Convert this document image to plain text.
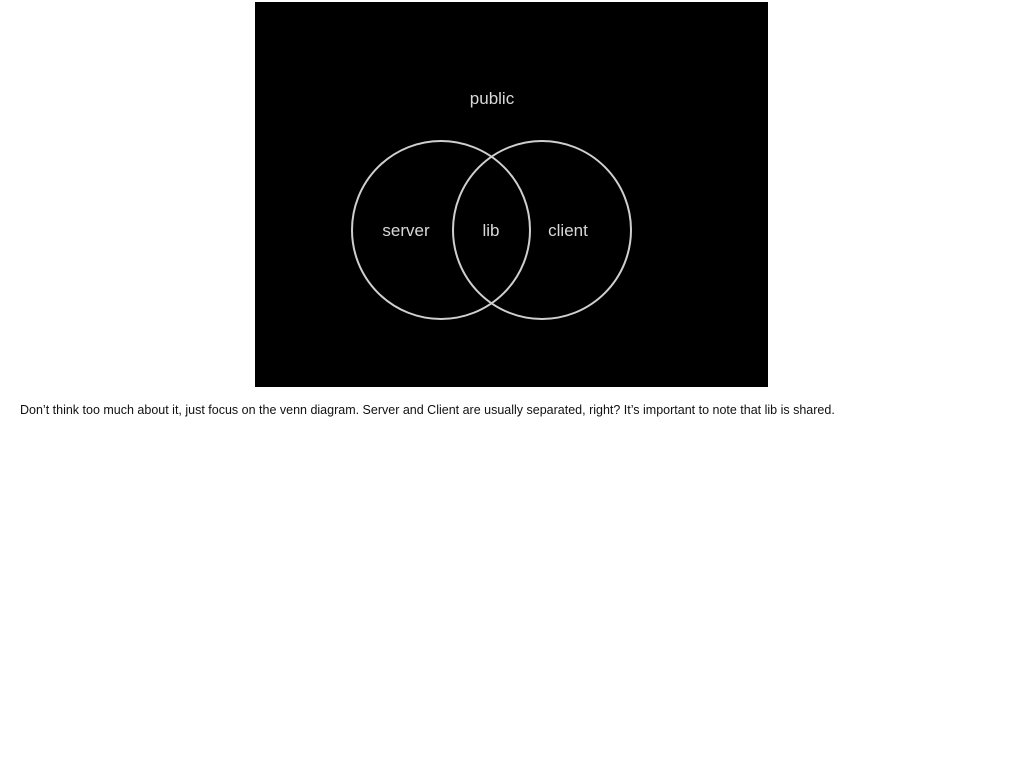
public
server	lib	client
Don’t think too much about it, just focus on the venn diagram. Server and Client are usually separated, right? It’s important to note that lib is shared.
